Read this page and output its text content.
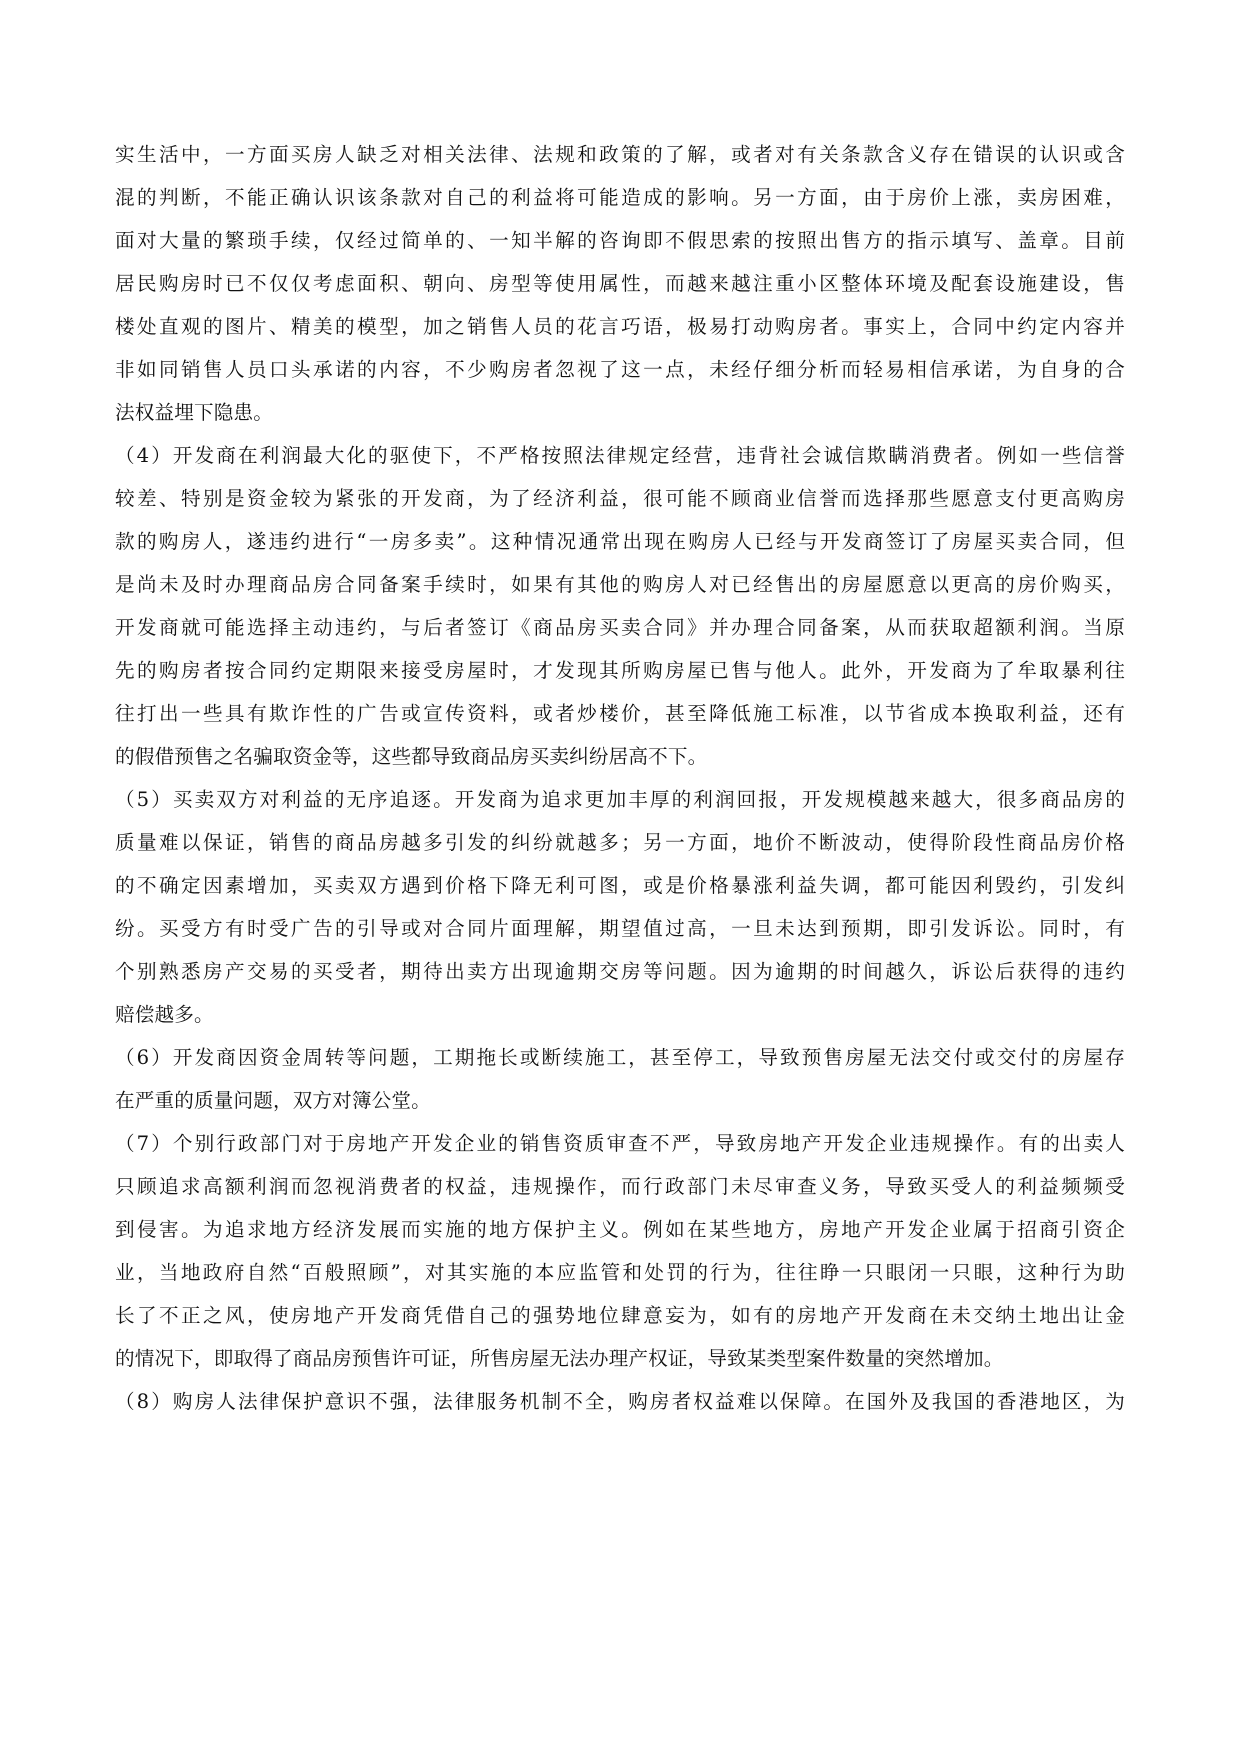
实生活中，一方面买房人缺乏对相关法律、法规和政策的了解，或者对有关条款含义存在错误的认识或含
混的判断，不能正确认识该条款对自己的利益将可能造成的影响。另一方面，由于房价上涨，卖房困难，
面对大量的繁琐手续，仅经过简单的、一知半解的咨询即不假思索的按照出售方的指示填写、盖章。目前
居民购房时已不仅仅考虑面积、朝向、房型等使用属性，而越来越注重小区整体环境及配套设施建设，售
楼处直观的图片、精美的模型，加之销售人员的花言巧语，极易打动购房者。事实上，合同中约定内容并
非如同销售人员口头承诺的内容，不少购房者忽视了这一点，未经仔细分析而轻易相信承诺，为自身的合
法权益埋下隐患。
（4）开发商在利润最大化的驱使下，不严格按照法律规定经营，违背社会诚信欺瞒消费者。例如一些信誉
较差、特别是资金较为紧张的开发商，为了经济利益，很可能不顾商业信誉而选择那些愿意支付更高购房
款的购房人，遂违约进行“一房多卖”。这种情况通常出现在购房人已经与开发商签订了房屋买卖合同，但
是尚未及时办理商品房合同备案手续时，如果有其他的购房人对已经售出的房屋愿意以更高的房价购买，
开发商就可能选择主动违约，与后者签订《商品房买卖合同》并办理合同备案，从而获取超额利润。当原
先的购房者按合同约定期限来接受房屋时，才发现其所购房屋已售与他人。此外，开发商为了牟取暴利往
往打出一些具有欺诈性的广告或宣传资料，或者炒楼价，甚至降低施工标准，以节省成本换取利益，还有
的假借预售之名骗取资金等，这些都导致商品房买卖纠纷居高不下。
（5）买卖双方对利益的无序追逐。开发商为追求更加丰厚的利润回报，开发规模越来越大，很多商品房的
质量难以保证，销售的商品房越多引发的纠纷就越多；另一方面，地价不断波动，使得阶段性商品房价格
的不确定因素增加，买卖双方遇到价格下降无利可图，或是价格暴涨利益失调，都可能因利毁约，引发纠
纷。买受方有时受广告的引导或对合同片面理解，期望值过高，一旦未达到预期，即引发诉讼。同时，有
个别熟悉房产交易的买受者，期待出卖方出现逾期交房等问题。因为逾期的时间越久，诉讼后获得的违约
赔偿越多。
（6）开发商因资金周转等问题，工期拖长或断续施工，甚至停工，导致预售房屋无法交付或交付的房屋存
在严重的质量问题，双方对簿公堂。
（7）个别行政部门对于房地产开发企业的销售资质审查不严，导致房地产开发企业违规操作。有的出卖人
只顾追求高额利润而忽视消费者的权益，违规操作，而行政部门未尽审查义务，导致买受人的利益频频受
到侵害。为追求地方经济发展而实施的地方保护主义。例如在某些地方，房地产开发企业属于招商引资企
业，当地政府自然“百般照顾”，对其实施的本应监管和处罚的行为，往往睁一只眼闭一只眼，这种行为助
长了不正之风，使房地产开发商凭借自己的强势地位肆意妄为，如有的房地产开发商在未交纳土地出让金
的情况下，即取得了商品房预售许可证，所售房屋无法办理产权证，导致某类型案件数量的突然增加。
（8）购房人法律保护意识不强，法律服务机制不全，购房者权益难以保障。在国外及我国的香港地区，为
